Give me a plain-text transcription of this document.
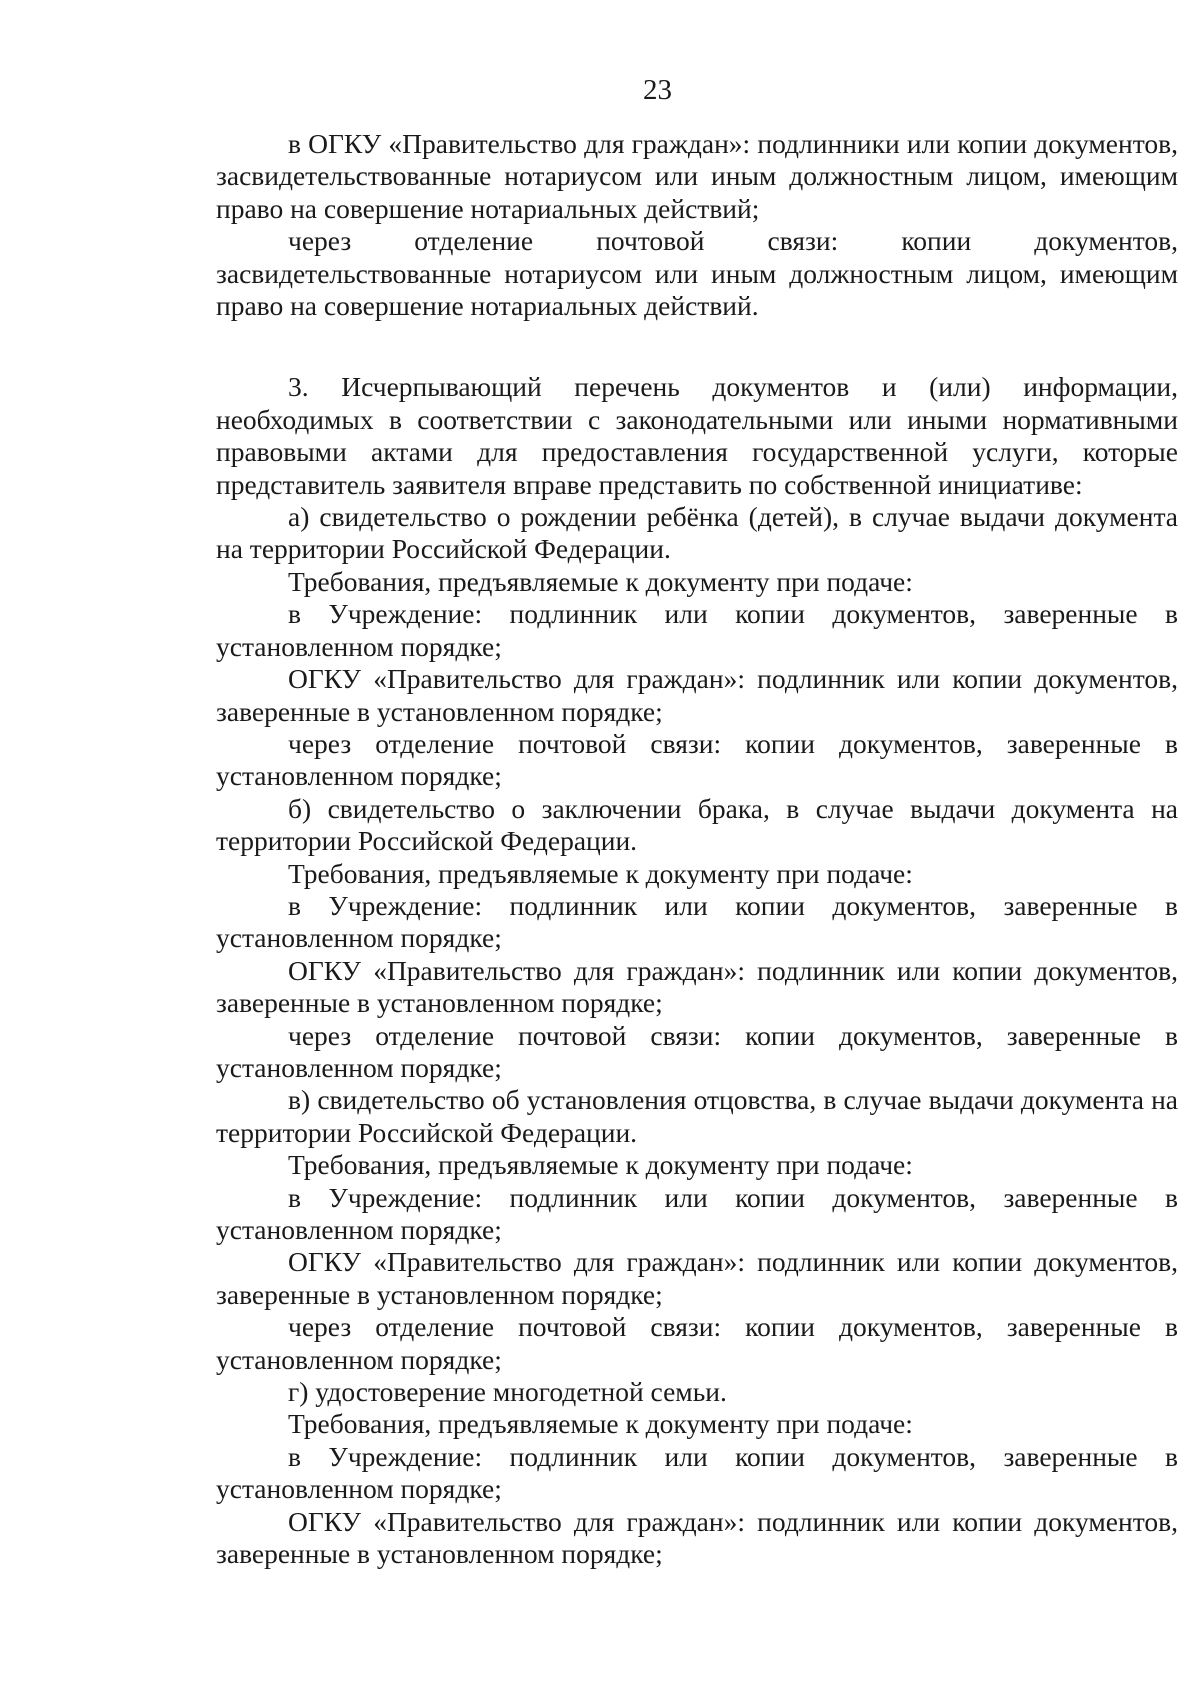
23

в ОГКУ «Правительство для граждан»: подлинники или копии документов, засвидетельствованные нотариусом или иным должностным лицом, имеющим право на совершение нотариальных действий;

через отделение почтовой связи: копии документов, засвидетельствованные нотариусом или иным должностным лицом, имеющим право на совершение нотариальных действий.

3. Исчерпывающий перечень документов и (или) информации, необходимых в соответствии с законодательными или иными нормативными правовыми актами для предоставления государственной услуги, которые представитель заявителя вправе представить по собственной инициативе:

а) свидетельство о рождении ребёнка (детей), в случае выдачи документа на территории Российской Федерации.

Требования, предъявляемые к документу при подаче:

в Учреждение: подлинник или копии документов, заверенные в установленном порядке;

ОГКУ «Правительство для граждан»: подлинник или копии документов, заверенные в установленном порядке;

через отделение почтовой связи: копии документов, заверенные в установленном порядке;

б) свидетельство о заключении брака, в случае выдачи документа на территории Российской Федерации.

Требования, предъявляемые к документу при подаче:

в Учреждение: подлинник или копии документов, заверенные в установленном порядке;

ОГКУ «Правительство для граждан»: подлинник или копии документов, заверенные в установленном порядке;

через отделение почтовой связи: копии документов, заверенные в установленном порядке;

в) свидетельство об установления отцовства, в случае выдачи документа на территории Российской Федерации.

Требования, предъявляемые к документу при подаче:

в Учреждение: подлинник или копии документов, заверенные в установленном порядке;

ОГКУ «Правительство для граждан»: подлинник или копии документов, заверенные в установленном порядке;

через отделение почтовой связи: копии документов, заверенные в установленном порядке;

г) удостоверение многодетной семьи.

Требования, предъявляемые к документу при подаче:

в Учреждение: подлинник или копии документов, заверенные в установленном порядке;

ОГКУ «Правительство для граждан»: подлинник или копии документов, заверенные в установленном порядке;
